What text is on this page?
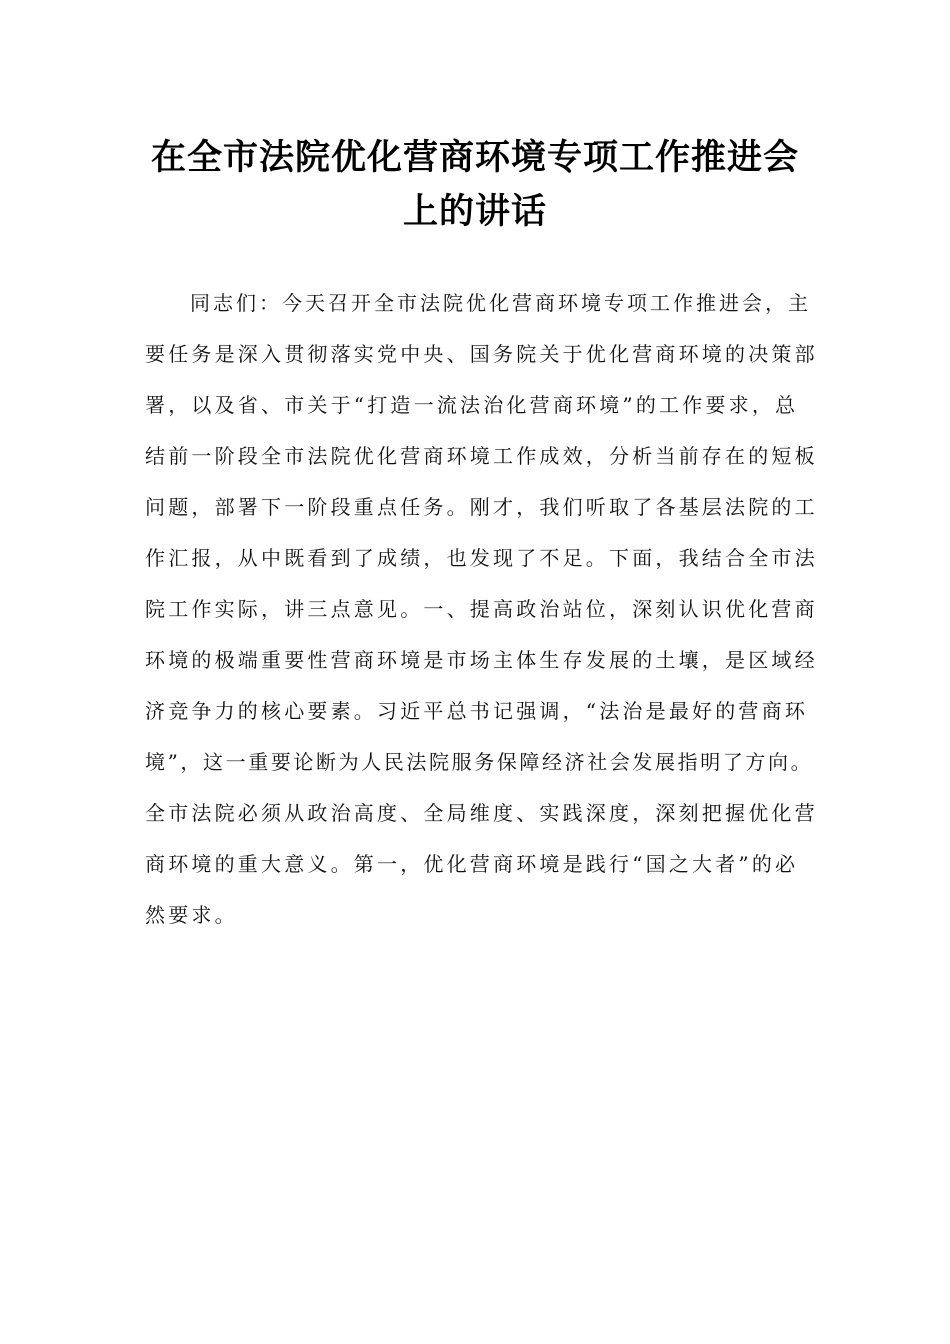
在全市法院优化营商环境专项工作推进会
上的讲话
同志们：今天召开全市法院优化营商环境专项工作推进会，主
要任务是深入贯彻落实党中央、国务院关于优化营商环境的决策部
署，以及省、市关于“打造一流法治化营商环境”的工作要求，总
结前一阶段全市法院优化营商环境工作成效，分析当前存在的短板
问题，部署下一阶段重点任务。刚才，我们听取了各基层法院的工
作汇报，从中既看到了成绩，也发现了不足。下面，我结合全市法
院工作实际，讲三点意见。一、提高政治站位，深刻认识优化营商
环境的极端重要性营商环境是市场主体生存发展的土壤，是区域经
济竞争力的核心要素。习近平总书记强调，“法治是最好的营商环
境”，这一重要论断为人民法院服务保障经济社会发展指明了方向。
全市法院必须从政治高度、全局维度、实践深度，深刻把握优化营
商环境的重大意义。第一，优化营商环境是践行“国之大者”的必
然要求。
